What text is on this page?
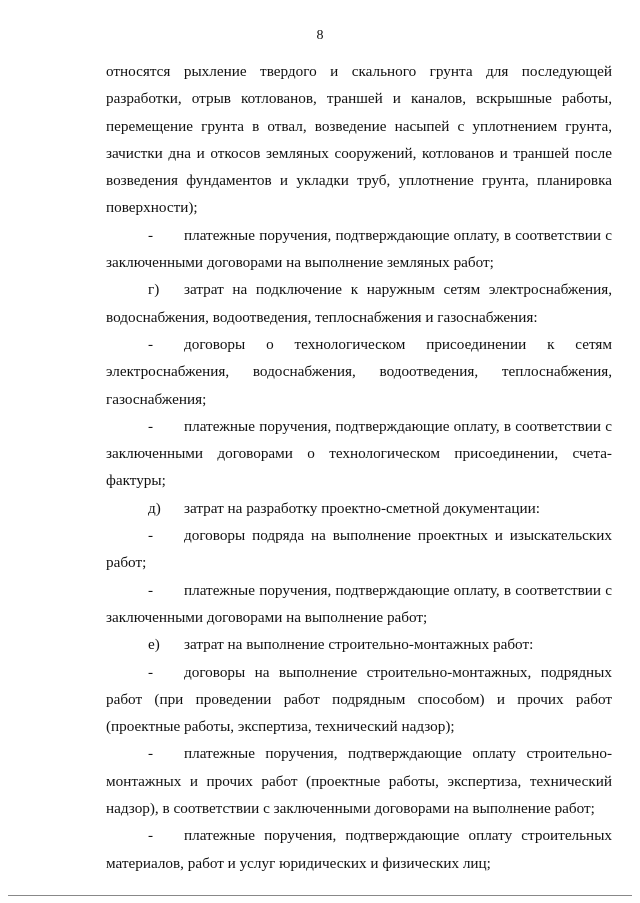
8

относятся рыхление твердого и скального грунта для последующей разработки, отрыв котлованов, траншей и каналов, вскрышные работы, перемещение грунта в отвал, возведение насыпей с уплотнением грунта, зачистки дна и откосов земляных сооружений, котлованов и траншей после возведения фундаментов и укладки труб, уплотнение грунта, планировка поверхности);

- платежные поручения, подтверждающие оплату, в соответствии с заключенными договорами на выполнение земляных работ;

г) затрат на подключение к наружным сетям электроснабжения, водоснабжения, водоотведения, теплоснабжения и газоснабжения:

- договоры о технологическом присоединении к сетям электроснабжения, водоснабжения, водоотведения, теплоснабжения, газоснабжения;

- платежные поручения, подтверждающие оплату, в соответствии с заключенными договорами о технологическом присоединении, счета-фактуры;

д) затрат на разработку проектно-сметной документации:

- договоры подряда на выполнение проектных и изыскательских работ;

- платежные поручения, подтверждающие оплату, в соответствии с заключенными договорами на выполнение работ;

е) затрат на выполнение строительно-монтажных работ:

- договоры на выполнение строительно-монтажных, подрядных работ (при проведении работ подрядным способом) и прочих работ (проектные работы, экспертиза, технический надзор);

- платежные поручения, подтверждающие оплату строительно-монтажных и прочих работ (проектные работы, экспертиза, технический надзор), в соответствии с заключенными договорами на выполнение работ;

- платежные поручения, подтверждающие оплату строительных материалов, работ и услуг юридических и физических лиц;
